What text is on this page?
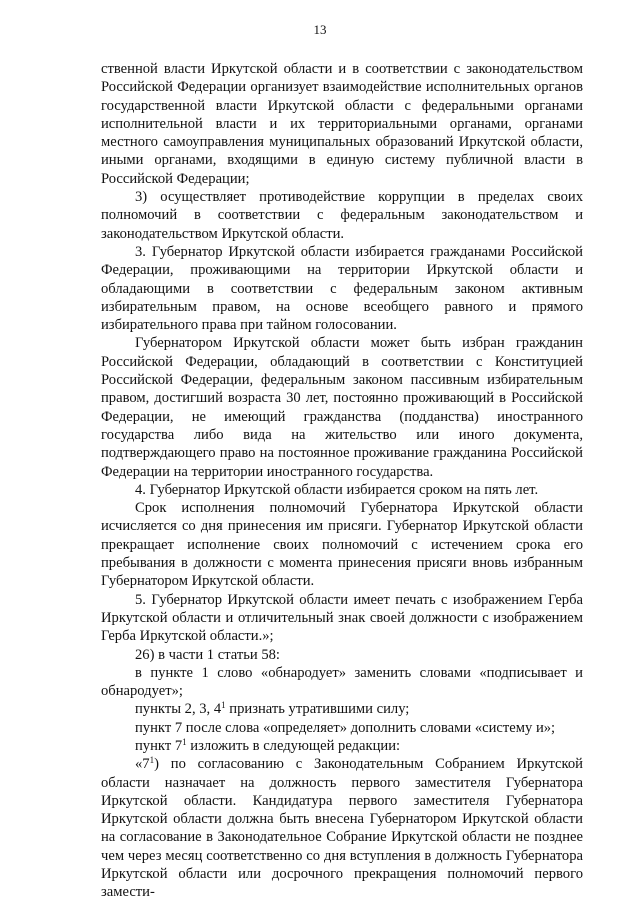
13

ственной власти Иркутской области и в соответствии с законодательством Российской Федерации организует взаимодействие исполнительных органов государственной власти Иркутской области с федеральными органами исполнительной власти и их территориальными органами, органами местного самоуправления муниципальных образований Иркутской области, иными органами, входящими в единую систему публичной власти в Российской Федерации;

3) осуществляет противодействие коррупции в пределах своих полномочий в соответствии с федеральным законодательством и законодательством Иркутской области.

3. Губернатор Иркутской области избирается гражданами Российской Федерации, проживающими на территории Иркутской области и обладающими в соответствии с федеральным законом активным избирательным правом, на основе всеобщего равного и прямого избирательного права при тайном голосовании.

Губернатором Иркутской области может быть избран гражданин Российской Федерации, обладающий в соответствии с Конституцией Российской Федерации, федеральным законом пассивным избирательным правом, достигший возраста 30 лет, постоянно проживающий в Российской Федерации, не имеющий гражданства (подданства) иностранного государства либо вида на жительство или иного документа, подтверждающего право на постоянное проживание гражданина Российской Федерации на территории иностранного государства.

4. Губернатор Иркутской области избирается сроком на пять лет.

Срок исполнения полномочий Губернатора Иркутской области исчисляется со дня принесения им присяги. Губернатор Иркутской области прекращает исполнение своих полномочий с истечением срока его пребывания в должности с момента принесения присяги вновь избранным Губернатором Иркутской области.

5. Губернатор Иркутской области имеет печать с изображением Герба Иркутской области и отличительный знак своей должности с изображением Герба Иркутской области.»;

26) в части 1 статьи 58:

в пункте 1 слово «обнародует» заменить словами «подписывает и обнародует»;

пункты 2, 3, $4^1$ признать утратившими силу;

пункт 7 после слова «определяет» дополнить словами «систему и»;

пункт $7^1$ изложить в следующей редакции:

«$7^1$) по согласованию с Законодательным Собранием Иркутской области назначает на должность первого заместителя Губернатора Иркутской области. Кандидатура первого заместителя Губернатора Иркутской области должна быть внесена Губернатором Иркутской области на согласование в Законодательное Собрание Иркутской области не позднее чем через месяц соответственно со дня вступления в должность Губернатора Иркутской области или досрочного прекращения полномочий первого замести-
